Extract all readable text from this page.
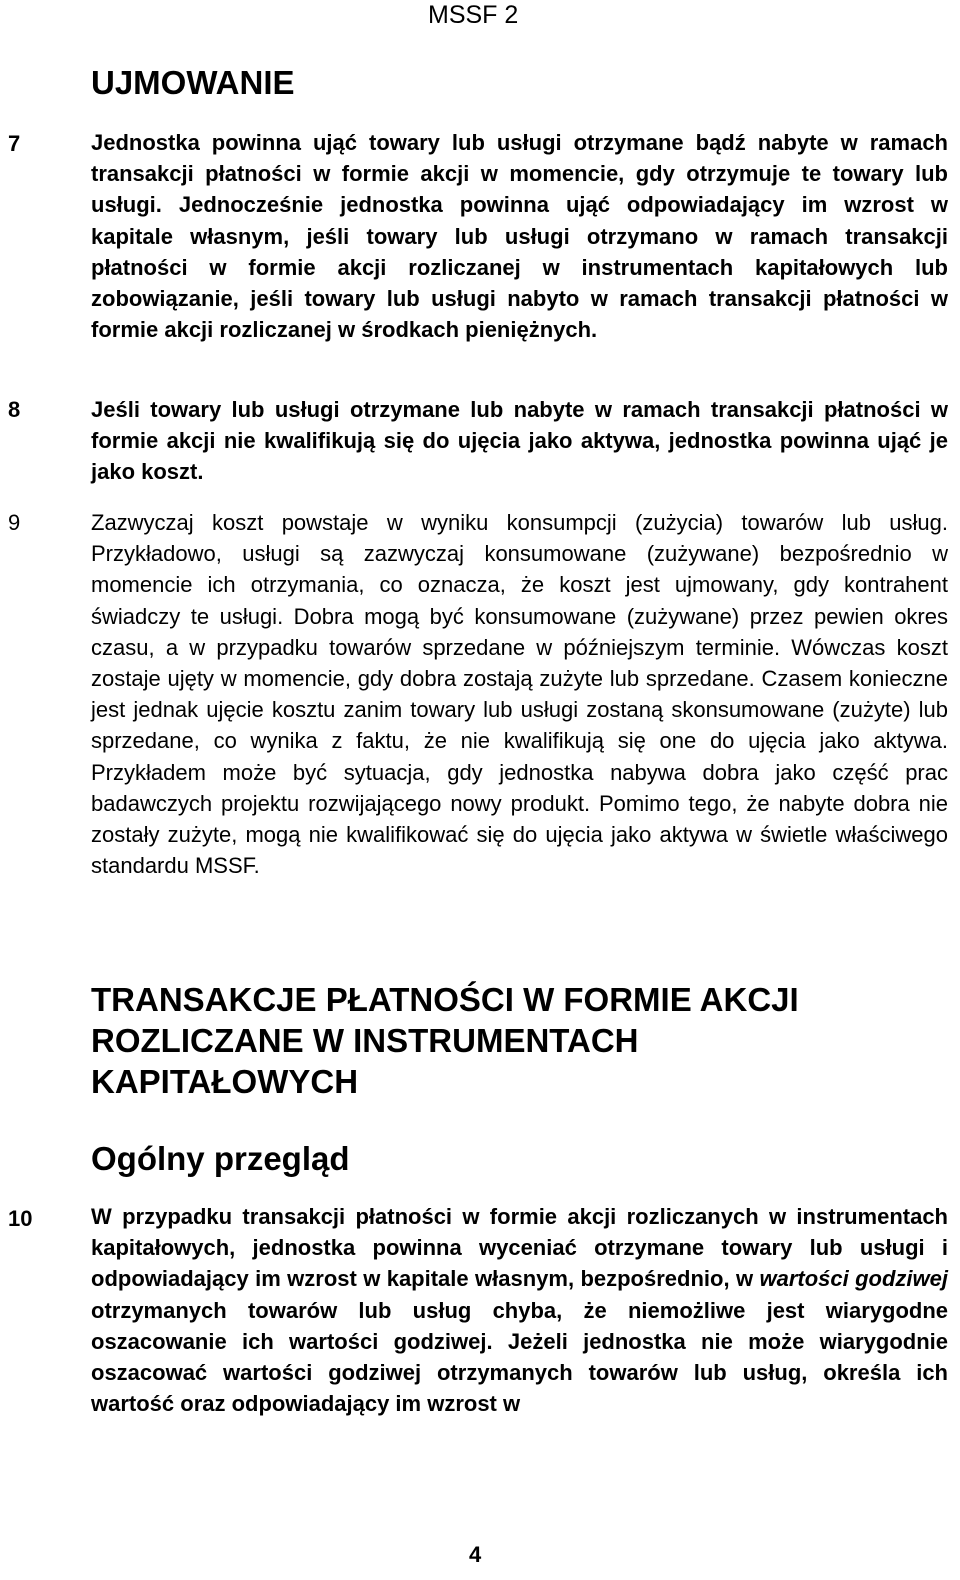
MSSF 2
UJMOWANIE
7	Jednostka powinna ująć towary lub usługi otrzymane bądź nabyte w ramach transakcji płatności w formie akcji w momencie, gdy otrzymuje te towary lub usługi. Jednocześnie jednostka powinna ująć odpowiadający im wzrost w kapitale własnym, jeśli towary lub usługi otrzymano w ramach transakcji płatności w formie akcji rozliczanej w instrumentach kapitałowych lub zobowiązanie, jeśli towary lub usługi nabyto w ramach transakcji płatności w formie akcji rozliczanej w środkach pieniężnych.

8	Jeśli towary lub usługi otrzymane lub nabyte w ramach transakcji płatności w formie akcji nie kwalifikują się do ujęcia jako aktywa, jednostka powinna ująć je jako koszt.

9	Zazwyczaj koszt powstaje w wyniku konsumpcji (zużycia) towarów lub usług. Przykładowo, usługi są zazwyczaj konsumowane (zużywane) bezpośrednio w momencie ich otrzymania, co oznacza, że koszt jest ujmowany, gdy kontrahent świadczy te usługi. Dobra mogą być konsumowane (zużywane) przez pewien okres czasu, a w przypadku towarów sprzedane w późniejszym terminie. Wówczas koszt zostaje ujęty w momencie, gdy dobra zostają zużyte lub sprzedane. Czasem konieczne jest jednak ujęcie kosztu zanim towary lub usługi zostaną skonsumowane (zużyte) lub sprzedane, co wynika z faktu, że nie kwalifikują się one do ujęcia jako aktywa. Przykładem może być sytuacja, gdy jednostka nabywa dobra jako część prac badawczych projektu rozwijającego nowy produkt. Pomimo tego, że nabyte dobra nie zostały zużyte, mogą nie kwalifikować się do ujęcia jako aktywa w świetle właściwego standardu MSSF.

TRANSAKCJE PŁATNOŚCI W FORMIE AKCJI ROZLICZANE W INSTRUMENTACH KAPITAŁOWYCH
Ogólny przegląd
10	W przypadku transakcji płatności w formie akcji rozliczanych w instrumentach kapitałowych, jednostka powinna wyceniać otrzymane towary lub usługi i odpowiadający im wzrost w kapitale własnym, bezpośrednio, w wartości godziwej otrzymanych towarów lub usług chyba, że niemożliwe jest wiarygodne oszacowanie ich wartości godziwej. Jeżeli jednostka nie może wiarygodnie oszacować wartości godziwej otrzymanych towarów lub usług, określa ich wartość oraz odpowiadający im wzrost w

4
